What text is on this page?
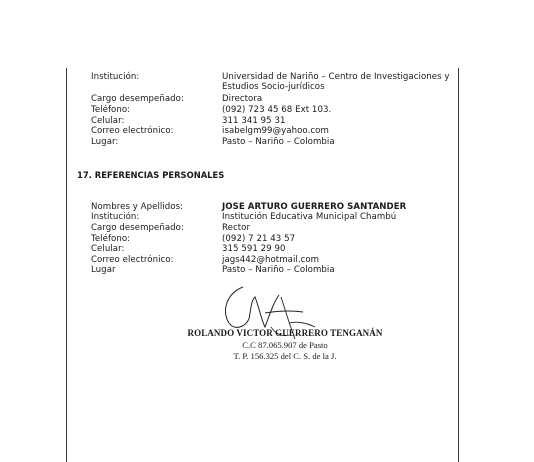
Institución:	Universidad de Nariño – Centro de Investigaciones y
Estudios Socio-jurídicos
Cargo desempeñado:	Directora
Teléfono:	(092) 723 45 68 Ext 103.
Celular:	311 341 95 31
Correo electrónico:	isabelgm99@yahoo.com
Lugar:	Pasto – Nariño – Colombia
17. REFERENCIAS PERSONALES
Nombres y Apellidos:	JOSE ARTURO GUERRERO SANTANDER
Institución:	Institución Educativa Municipal Chambú
Cargo desempeñado:	Rector
Teléfono:	(092) 7 21 43 57
Celular:	315 591 29 90
Correo electrónico:	jags442@hotmail.com
Lugar	Pasto – Nariño – Colombia
ROLANDO VICTOR GUERRERO TENGANÁN
C.C 87.065.907 de Pasto
T. P. 156.325 del C. S. de la J.
